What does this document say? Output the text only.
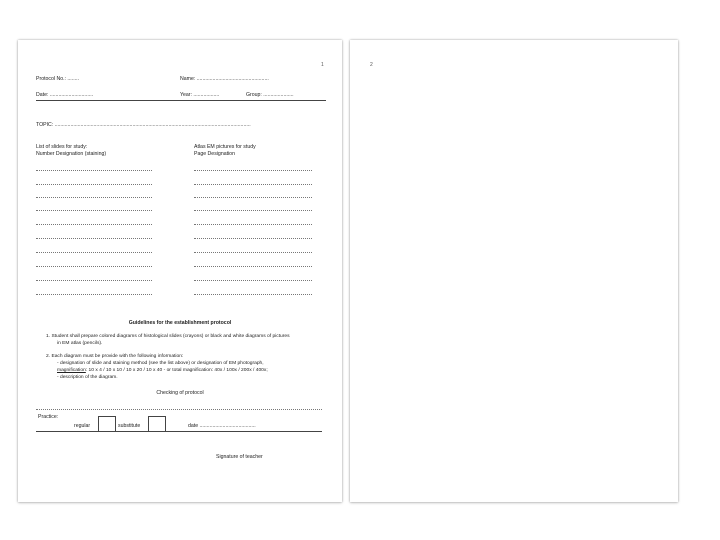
1
Protocol No.: ........	Name: ..................................................
Date: ..............................	Year: ..................	Group: .....................
TOPIC: ........................................................................................................................................
List of slides for study:
Number Designation (staining)
Atlas EM pictures for study
Page Designation
Guidelines for the establishment protocol
1. Student shall prepare colored diagrams of histological slides (crayons) or black and white diagrams of pictures
in EM atlas (pencils).
2. Each diagram must be provide with the following information:
- designation of slide and staining method (see the list above) or designation of EM photograph,
magnification: 10 x 4 / 10 x 10 / 10 x 20 / 10 x 40 - or total magnification: 40x / 100x / 200x / 400x;
- description of the diagram.
Checking of protocol
Practice:
regular	substitute	date .......................................
Signature of teacher
2
